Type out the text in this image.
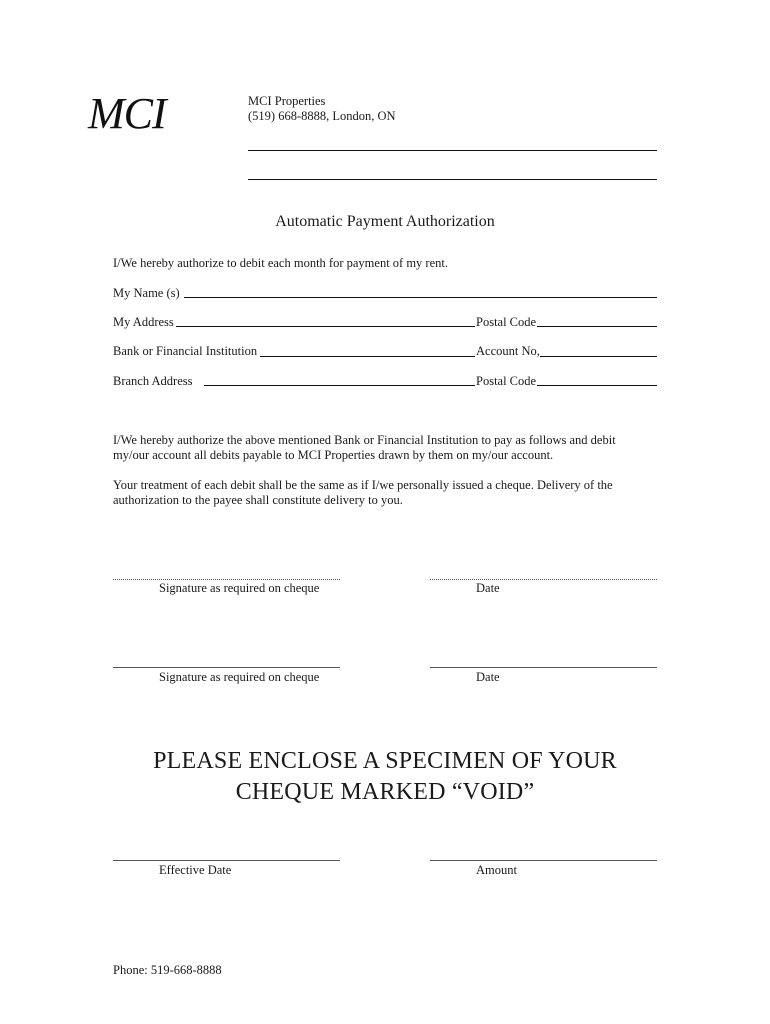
MCI	MCI Properties
(519) 668-8888, London, ON
Automatic Payment Authorization
I/We hereby authorize to debit each month for payment of my rent.
My Name (s)
My Address	Postal Code
Bank or Financial Institution	Account No,
Branch Address	Postal Code
I/We hereby authorize the above mentioned Bank or Financial Institution to pay as follows and debit
my/our account all debits payable to MCI Properties drawn by them on my/our account.
Your treatment of each debit shall be the same as if I/we personally issued a cheque. Delivery of the
authorization to the payee shall constitute delivery to you.
Signature as required on cheque	Date
Signature as required on cheque	Date
PLEASE ENCLOSE A SPECIMEN OF YOUR
CHEQUE MARKED “VOID”
Effective Date	Amount
Phone: 519-668-8888
